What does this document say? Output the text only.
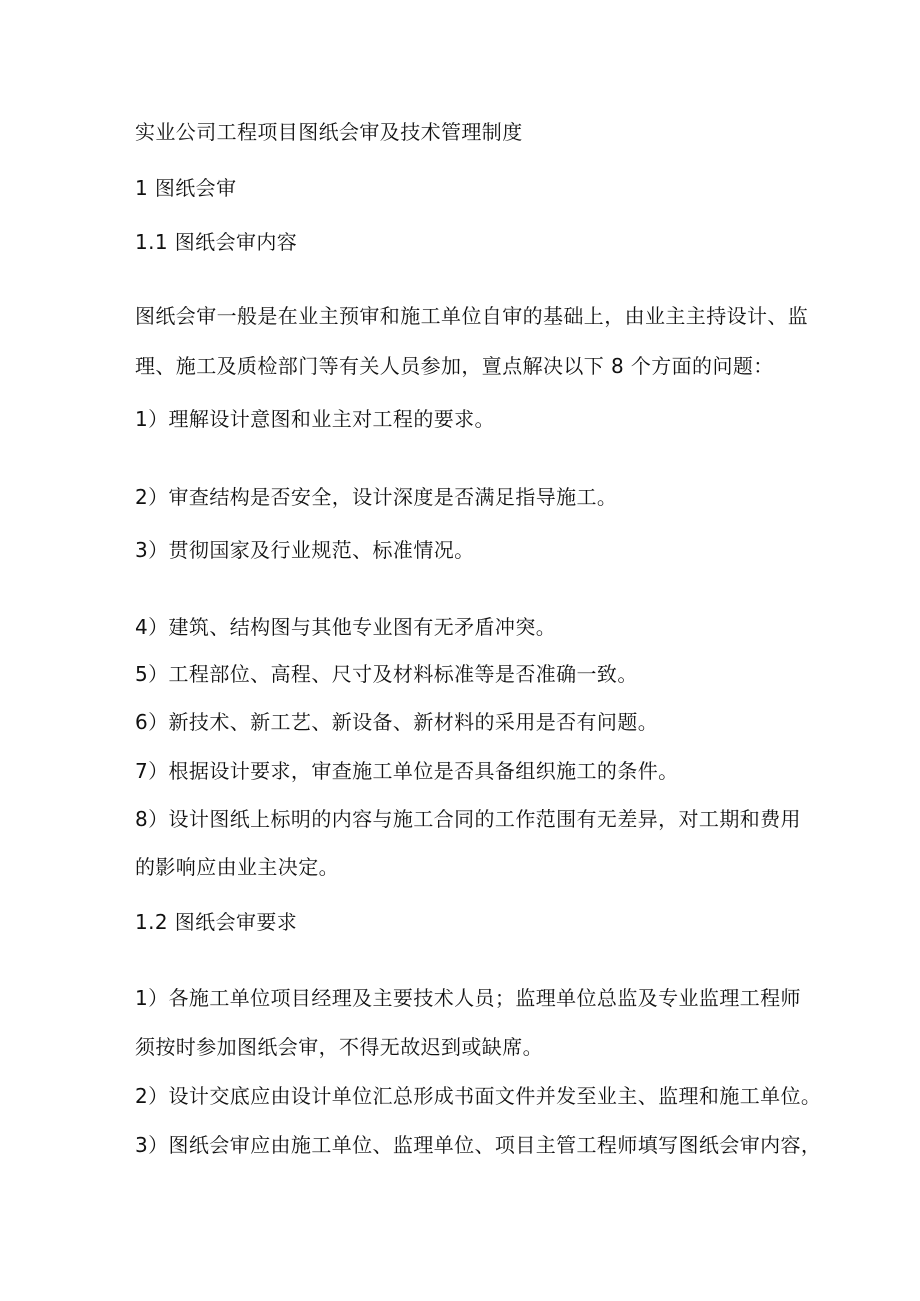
实业公司工程项目图纸会审及技术管理制度
1 图纸会审
1.1 图纸会审内容
图纸会审一般是在业主预审和施工单位自审的基础上，由业主主持设计、监
理、施工及质检部门等有关人员参加，亶点解决以下 8 个方面的问题：
1）理解设计意图和业主对工程的要求。
2）审查结构是否安全，设计深度是否满足指导施工。
3）贯彻国家及行业规范、标准情况。
4）建筑、结构图与其他专业图有无矛盾冲突。
5）工程部位、高程、尺寸及材料标准等是否准确一致。
6）新技术、新工艺、新设备、新材料的采用是否有问题。
7）根据设计要求，审查施工单位是否具备组织施工的条件。
8）设计图纸上标明的内容与施工合同的工作范围有无差异，对工期和费用
的影响应由业主决定。
1.2 图纸会审要求
1）各施工单位项目经理及主要技术人员；监理单位总监及专业监理工程师
须按时参加图纸会审，不得无故迟到或缺席。
2）设计交底应由设计单位汇总形成书面文件并发至业主、监理和施工单位。
3）图纸会审应由施工单位、监理单位、项目主管工程师填写图纸会审内容，
